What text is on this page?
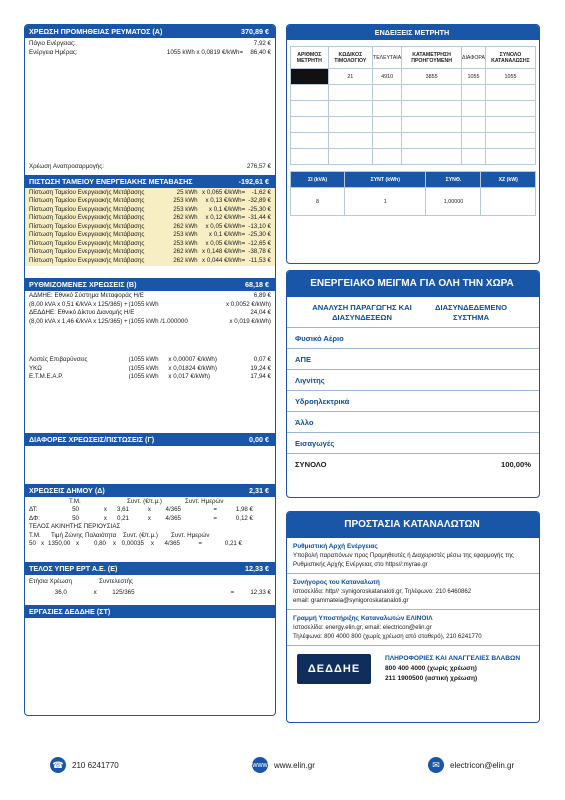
ΧΡΕΩΣΗ ΠΡΟΜΗΘΕΙΑΣ ΡΕΥΜΑΤΟΣ (Α)	370,89 €
Πάγιο Ενέργειας:	7,92 €
Ενέργεια Ημέρας:	1055 kWh x 0,0819 €/kWh=	86,40 €
Χρέωση Αναπροσαρμογής:	276,57 €
ΠΙΣΤΩΣΗ ΤΑΜΕΙΟΥ ΕΝΕΡΓΕΙΑΚΗΣ ΜΕΤΑΒΑΣΗΣ	-192,61 €
Πίστωση Ταμείου Ενεργειακής Μετάβασης	25 kWh x 0,065 €/kWh=	-1,62 €
Πίστωση Ταμείου Ενεργειακής Μετάβασης	253 kWh	x 0,13 €/kWh= -32,89 €
Πίστωση Ταμείου Ενεργειακής Μετάβασης	253 kWh	x 0,1 €/kWh= -25,30 €
Πίστωση Ταμείου Ενεργειακής Μετάβασης	262 kWh	x 0,12 €/kWh= -31,44 €
Πίστωση Ταμείου Ενεργειακής Μετάβασης	262 kWh	x 0,05 €/kWh= -13,10 €
Πίστωση Ταμείου Ενεργειακής Μετάβασης	253 kWh	x 0,1 €/kWh= -25,30 €
Πίστωση Ταμείου Ενεργειακής Μετάβασης	253 kWh	x 0,05 €/kWh= -12,65 €
Πίστωση Ταμείου Ενεργειακής Μετάβασης	262 kWh x 0,148 €/kWh= -38,78 €
Πίστωση Ταμείου Ενεργειακής Μετάβασης	262 kWh x 0,044 €/kWh= -11,53 €
ΡΥΘΜΙΖΟΜΕΝΕΣ ΧΡΕΩΣΕΙΣ (Β)	68,18 €
ΑΔΜΗΕ: Εθνικό Σύστημα Μεταφοράς Η/Ε	6,89 €
(8,00 kVA x 0,51 €/kVA x 125/365) + (1055 kWh	x 0,0052 €/kWh)
ΔΕΔΔΗΕ: Εθνικό Δίκτυο Διανομής Η/Ε	24,04 €
(8,00 kVA x 1,46 €/kVA x 125/365) + (1055 kWh /1.000000	x 0,019 €/kWh)
Λοιπές Επιβαρύνσεις	(1055 kWh	x 0,00007 €/kWh)	0,07 €
ΥΚΩ	(1055 kWh	x 0,01824 €/kWh)	19,24 €
Ε.Τ.Μ.Ε.Α.Ρ.	(1055 kWh	x 0,017 €/kWh)	17,94 €
ΔΙΑΦΟΡΕΣ ΧΡΕΩΣΕΙΣ/ΠΙΣΤΩΣΕΙΣ (Γ)	0,00 €
ΧΡΕΩΣΕΙΣ ΔΗΜΟΥ (Δ)	2,31 €
Τ.Μ.	Συντ. (€/τ.μ.)	Συντ. Ημερών
ΔΤ:	50	x	3,61	x	4/365	=	1,98 €
ΔΦ:	50	x	0,21	x	4/365	=	0,12 €
ΤΕΛΟΣ ΑΚΙΝΗΤΗΣ ΠΕΡΙΟΥΣΙΑΣ
Τ.Μ.	Τιμή Ζώνης Παλαιότητα	Συντ. (€/τ.μ.)	Συντ. Ημερών
50 x 1350,00 x	0,80	x 0,00035	x	4/365	=	0,21 €
ΤΕΛΟΣ ΥΠΕΡ ΕΡΤ Α.Ε. (Ε)	12,33 €
Ετήσια Χρέωση	Συντελεστής
36,0	x	125/365	=	12,33 €
ΕΡΓΑΣΙΕΣ ΔΕΔΔΗΕ (ΣΤ)
ΕΝΔΕΙΞΕΙΣ ΜΕΤΡΗΤΗ
ΑΡΙΘΜΟΣ ΜΕΤΡΗΤΗ	ΚΩΔΙΚΟΣ ΤΙΜΟΛΟΓΙΟΥ	ΤΕΛΕΥΤΑΙΑ	ΚΑΤΑΜΕΤΡΗΣΗ ΠΡΟΗΓΟΥΜΕΝΗ	ΔΙΑΦΟΡΑ	ΣΥΝΟΛΟ ΚΑΤΑΝΑΛΩΣΗΣ
	21	4910	3855	1055	1055

ΣΙ (kVA)	ΣΥΝΤ (kWh)	ΣΥΝΘ.	ΧΖ (kW)
8	1	1,00000	
ΕΝΕΡΓΕΙΑΚΟ ΜΕΙΓΜΑ ΓΙΑ ΟΛΗ ΤΗΝ ΧΩΡΑ
ΑΝΑΛΥΣΗ ΠΑΡΑΓΩΓΗΣ ΚΑΙ ΔΙΑΣΥΝΔΕΣΕΩΝ
ΔΙΑΣΥΝΔΕΔΕΜΕΝΟ ΣΥΣΤΗΜΑ
Φυσικό Αέριο
ΑΠΕ
Λιγνίτης
Υδροηλεκτρικά
Άλλο
Εισαγωγές
ΣΥΝΟΛΟ	100,00%
ΠΡΟΣΤΑΣΙΑ ΚΑΤΑΝΑΛΩΤΩΝ
Ρυθμιστική Αρχή Ενέργειας
Υποβολή παραπόνων προς Προμηθευτές ή Διαχειριστές μέσω της εφαρμογής της Ρυθμιστικής Αρχής Ενέργειας στο https//:myrae.gr
Συνήγορος του Καταναλωτή
Ιστοσελίδα: http// :synigoroskatanaloti.gr, Τηλέφωνο: 210 6460862
email: grammateia@synigoroskatanaloti.gr
Γραμμή Υποστήριξης Καταναλωτών ΕΛΙΝΟΙΛ
Ιστοσελίδα: energy.elin.gr, email: electricon@elin.gr
Τηλέφωνα: 800 4000 800 (χωρίς χρέωση από σταθερό), 210 6241770
ΔΕΔΔΗΕ
ΠΛΗΡΟΦΟΡΙΕΣ ΚΑΙ ΑΝΑΓΓΕΛΙΕΣ ΒΛΑΒΩΝ
800 400 4000 (χωρίς χρέωση)
211 1900500 (αστική χρέωση)
☎ 210 6241770	www www.elin.gr	✉	electricon@elin.gr
